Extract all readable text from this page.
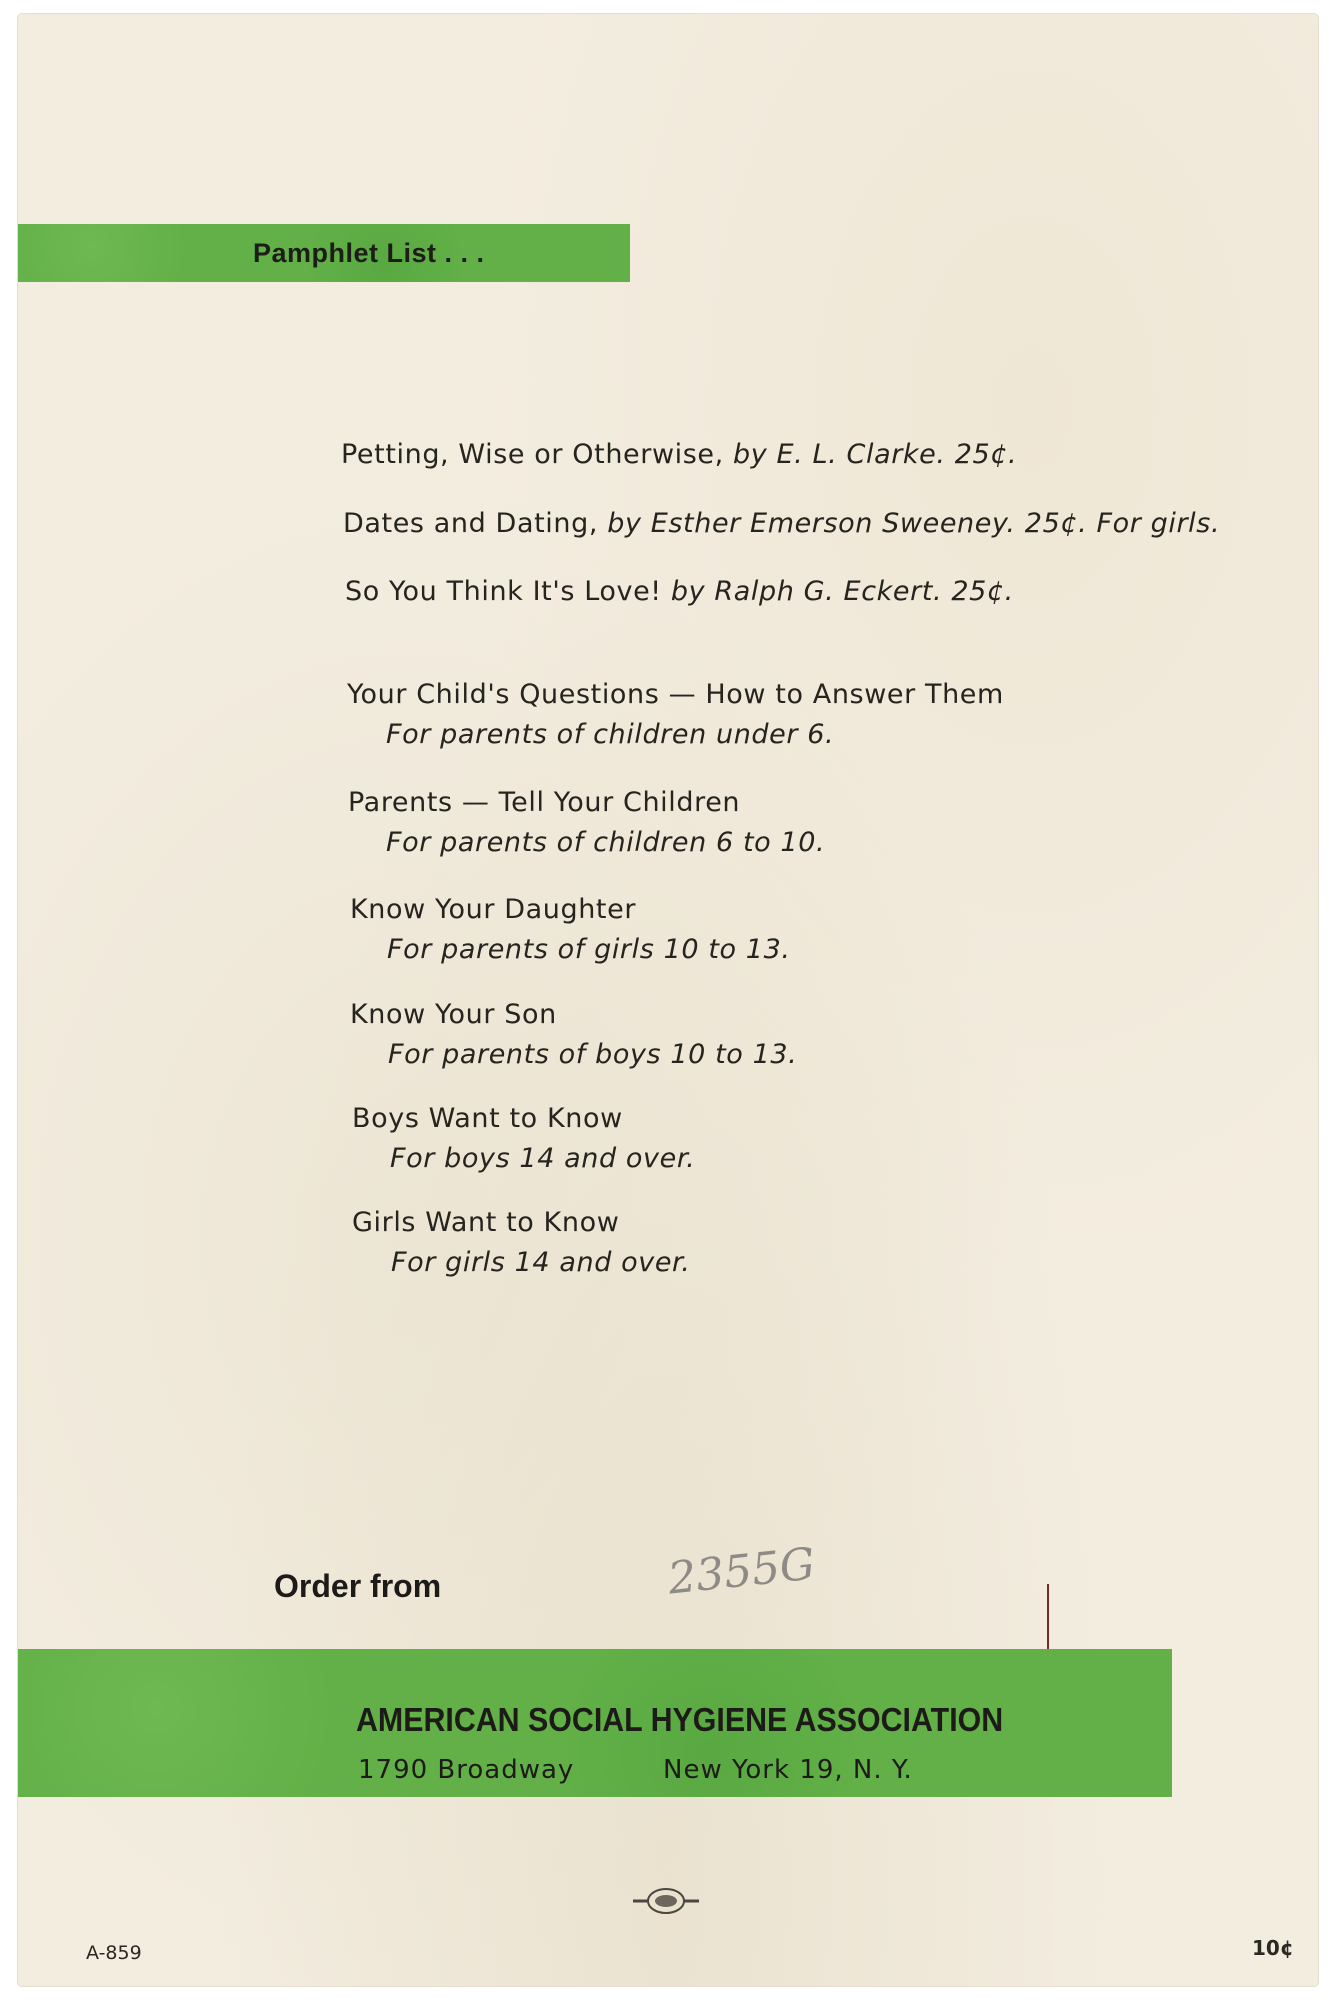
Pamphlet List . . .
Petting, Wise or Otherwise, by E. L. Clarke. 25¢.
Dates and Dating, by Esther Emerson Sweeney. 25¢. For girls.
So You Think It's Love! by Ralph G. Eckert. 25¢.
Your Child's Questions — How to Answer Them
For parents of children under 6.
Parents — Tell Your Children
For parents of children 6 to 10.
Know Your Daughter
For parents of girls 10 to 13.
Know Your Son
For parents of boys 10 to 13.
Boys Want to Know
For boys 14 and over.
Girls Want to Know
For girls 14 and over.
Order from	2355G
AMERICAN SOCIAL HYGIENE ASSOCIATION
1790 Broadway	New York 19, N. Y.
A-859	10¢
